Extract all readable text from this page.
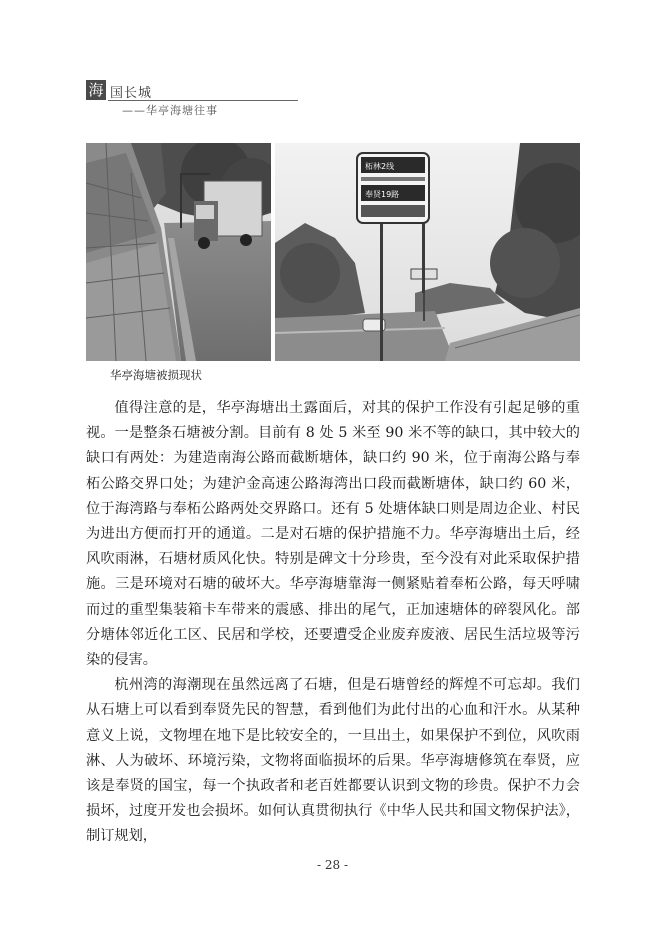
海 国长城
——华亭海塘往事
柘林2线
奉贤19路
华亭海塘被损现状

值得注意的是，华亭海塘出土露面后，对其的保护工作没有引起足够的重视。一是整条石塘被分割。目前有 8 处 5 米至 90 米不等的缺口，其中较大的缺口有两处：为建造南海公路而截断塘体，缺口约 90 米，位于南海公路与奉柘公路交界口处；为建沪金高速公路海湾出口段而截断塘体，缺口约 60 米，位于海湾路与奉柘公路两处交界路口。还有 5 处塘体缺口则是周边企业、村民为进出方便而打开的通道。二是对石塘的保护措施不力。华亭海塘出土后，经风吹雨淋，石塘材质风化快。特别是碑文十分珍贵，至今没有对此采取保护措施。三是环境对石塘的破坏大。华亭海塘靠海一侧紧贴着奉柘公路，每天呼啸而过的重型集装箱卡车带来的震感、排出的尾气，正加速塘体的碎裂风化。部分塘体邻近化工区、民居和学校，还要遭受企业废弃废液、居民生活垃圾等污染的侵害。

杭州湾的海潮现在虽然远离了石塘，但是石塘曾经的辉煌不可忘却。我们从石塘上可以看到奉贤先民的智慧，看到他们为此付出的心血和汗水。从某种意义上说，文物埋在地下是比较安全的，一旦出土，如果保护不到位，风吹雨淋、人为破坏、环境污染，文物将面临损坏的后果。华亭海塘修筑在奉贤，应该是奉贤的国宝，每一个执政者和老百姓都要认识到文物的珍贵。保护不力会损坏，过度开发也会损坏。如何认真贯彻执行《中华人民共和国文物保护法》，制订规划，

- 28 -
